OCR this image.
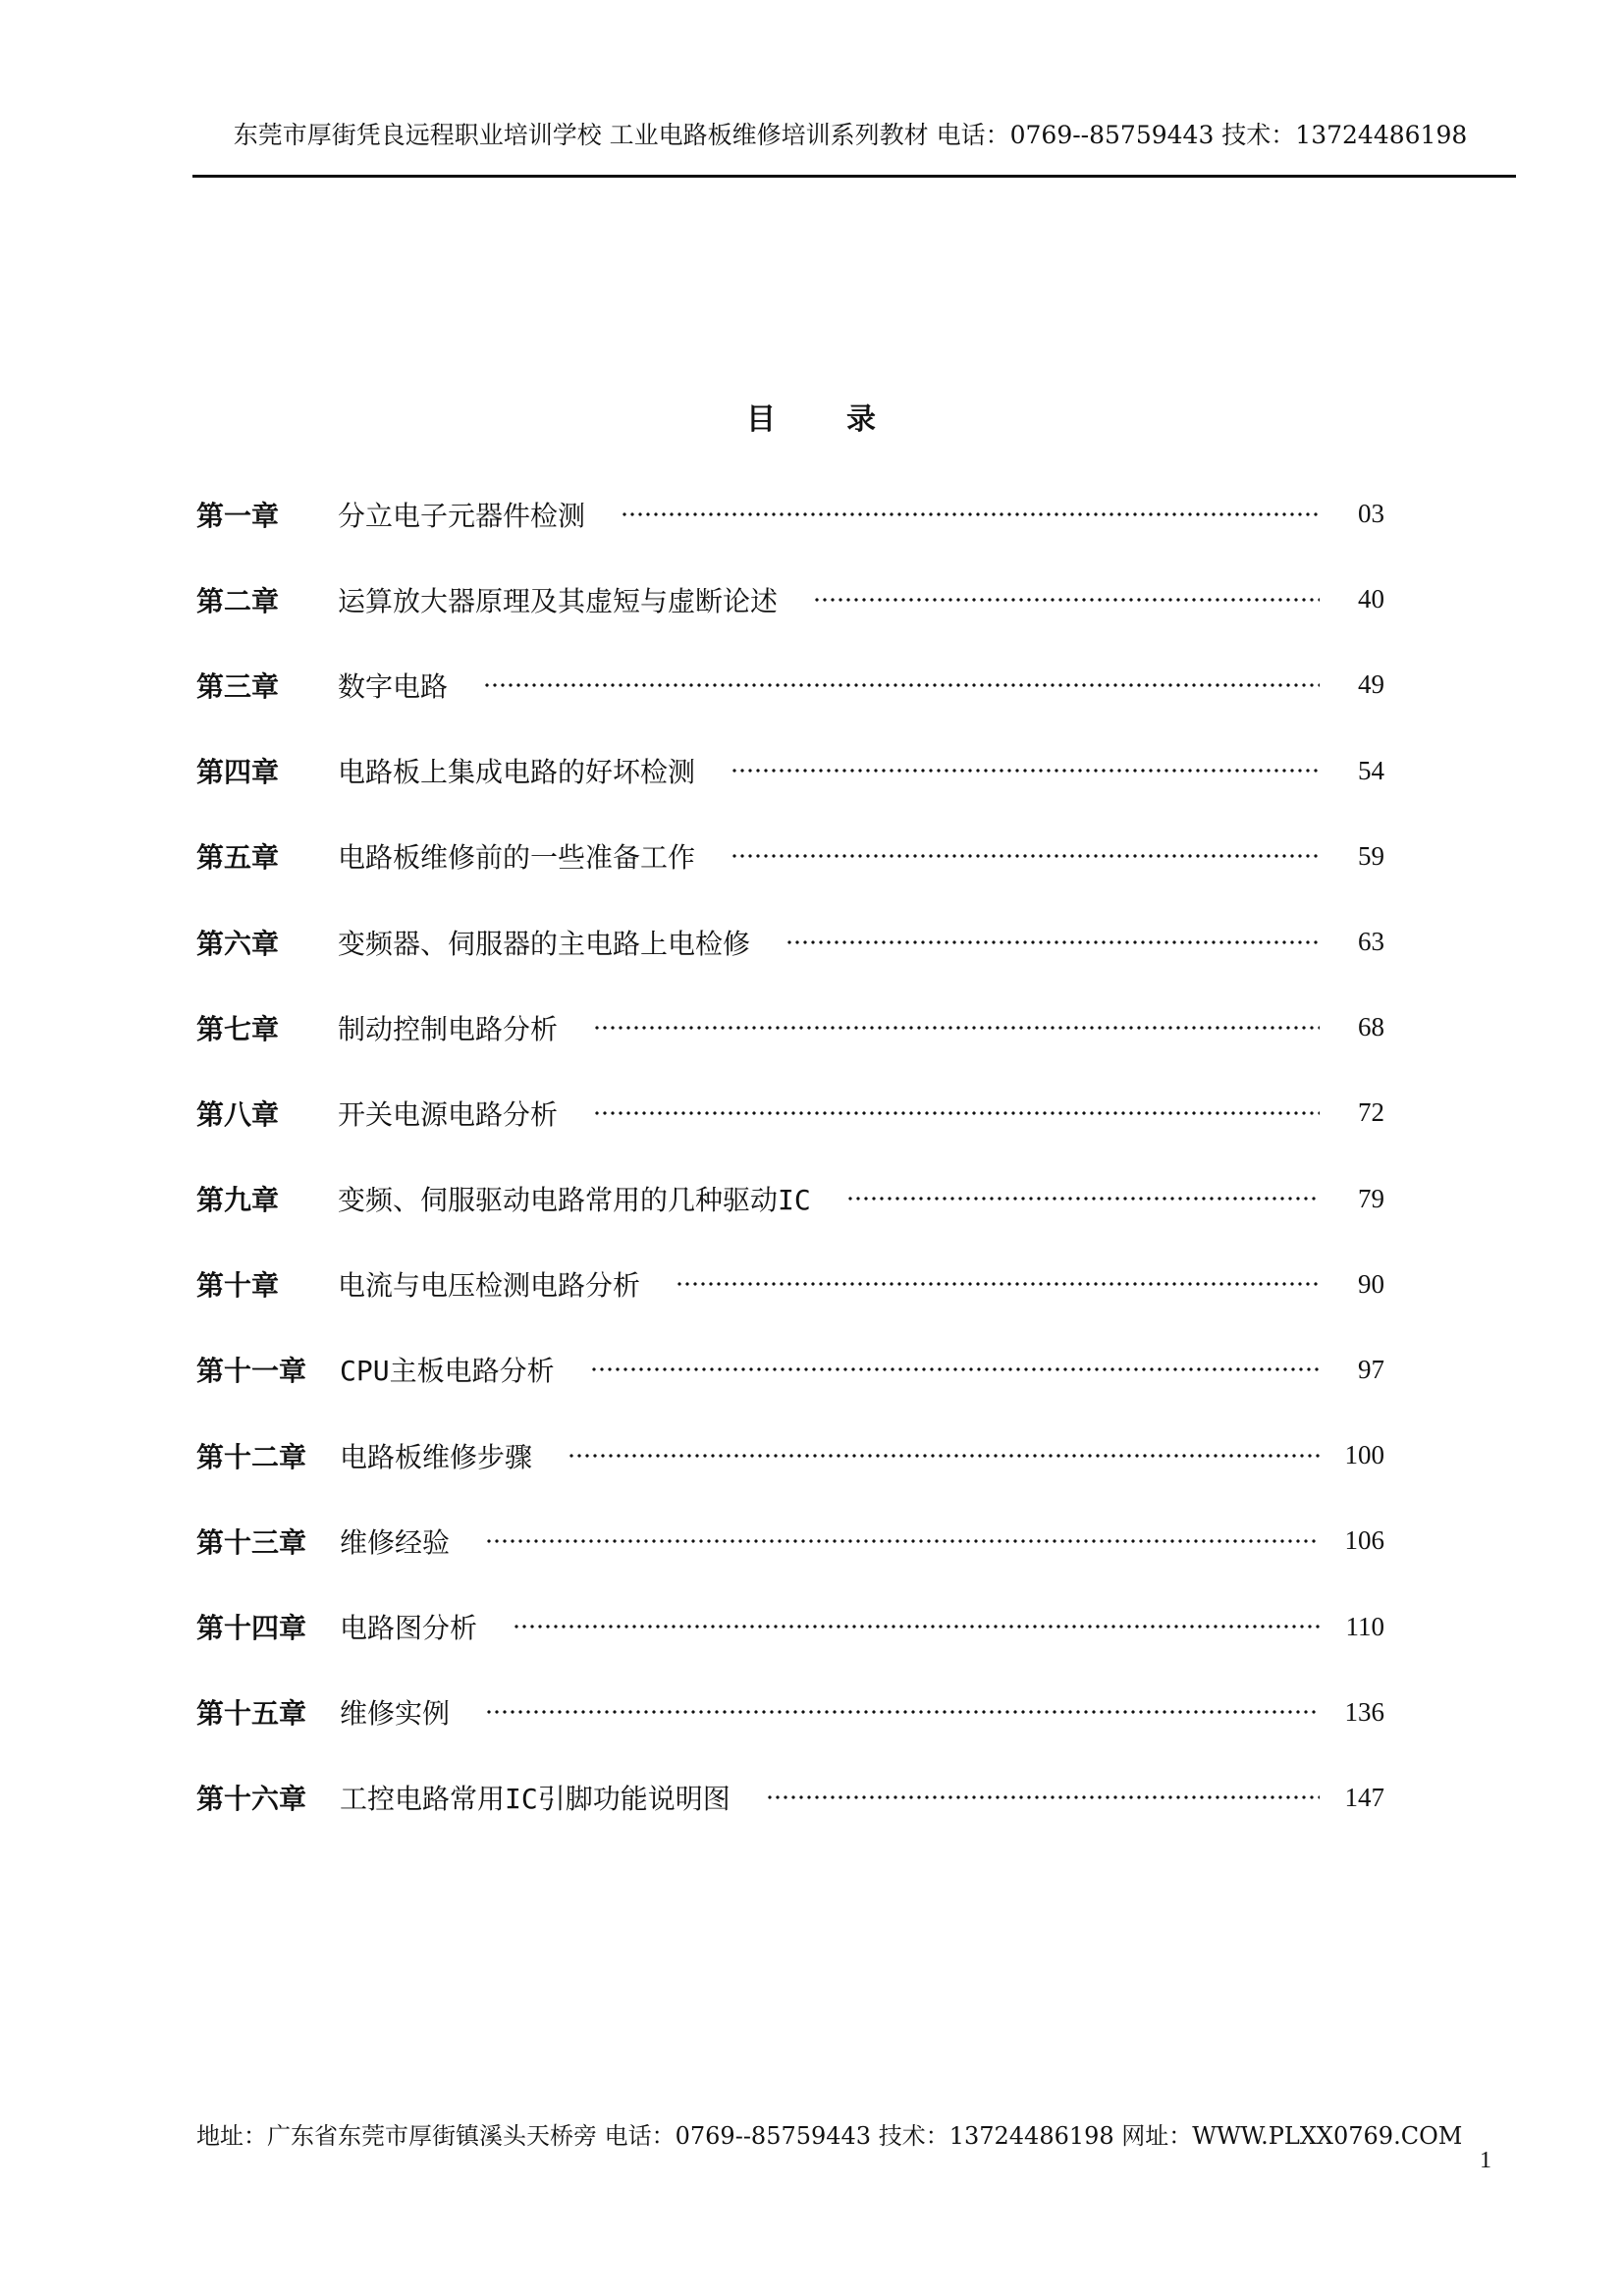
东莞市厚街凭良远程职业培训学校 工业电路板维修培训系列教材 电话：0769--85759443 技术：13724486198
目 录
第一章	分立电子元器件检测	03
第二章	运算放大器原理及其虚短与虚断论述	40
第三章	数字电路	49
第四章	电路板上集成电路的好坏检测	54
第五章	电路板维修前的一些准备工作	59
第六章	变频器、伺服器的主电路上电检修	63
第七章	制动控制电路分析	68
第八章	开关电源电路分析	72
第九章	变频、伺服驱动电路常用的几种驱动IC	79
第十章	电流与电压检测电路分析	90
第十一章 CPU主板电路分析	97
第十二章 电路板维修步骤	100
第十三章 维修经验	106
第十四章 电路图分析	110
第十五章 维修实例	136
第十六章 工控电路常用IC引脚功能说明图	147
地址：广东省东莞市厚街镇溪头天桥旁 电话：0769--85759443 技术：13724486198 网址：WWW.PLXX0769.COM
1
